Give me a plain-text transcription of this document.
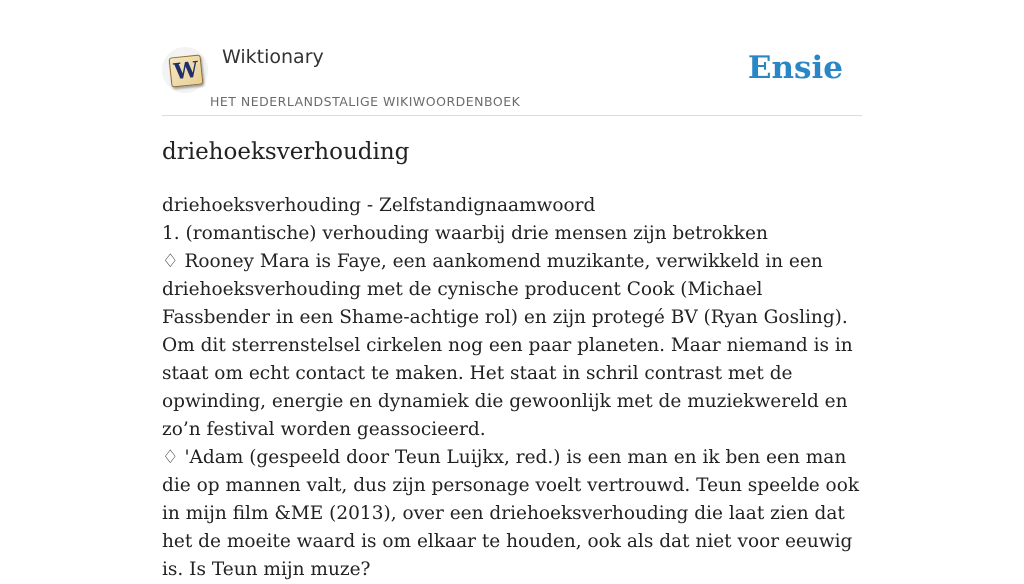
W Wiktionary
HET NEDERLANDSTALIGE WIKIWOORDENBOEK
Ensie
driehoeksverhouding

driehoeksverhouding - Zelfstandignaamwoord

1. (romantische) verhouding waarbij drie mensen zijn betrokken

♢ Rooney Mara is Faye, een aankomend muzikante, verwikkeld in een driehoeksverhouding met de cynische producent Cook (Michael Fassbender in een Shame-achtige rol) en zijn protegé BV (Ryan Gosling). Om dit sterrenstelsel cirkelen nog een paar planeten. Maar niemand is in staat om echt contact te maken. Het staat in schril contrast met de opwinding, energie en dynamiek die gewoonlijk met de muziekwereld en zo’n festival worden geassocieerd.

♢ 'Adam (gespeeld door Teun Luijkx, red.) is een man en ik ben een man die op mannen valt, dus zijn personage voelt vertrouwd. Teun speelde ook in mijn film &ME (2013), over een driehoeksverhouding die laat zien dat het de moeite waard is om elkaar te houden, ook als dat niet voor eeuwig is. Is Teun mijn muze?
